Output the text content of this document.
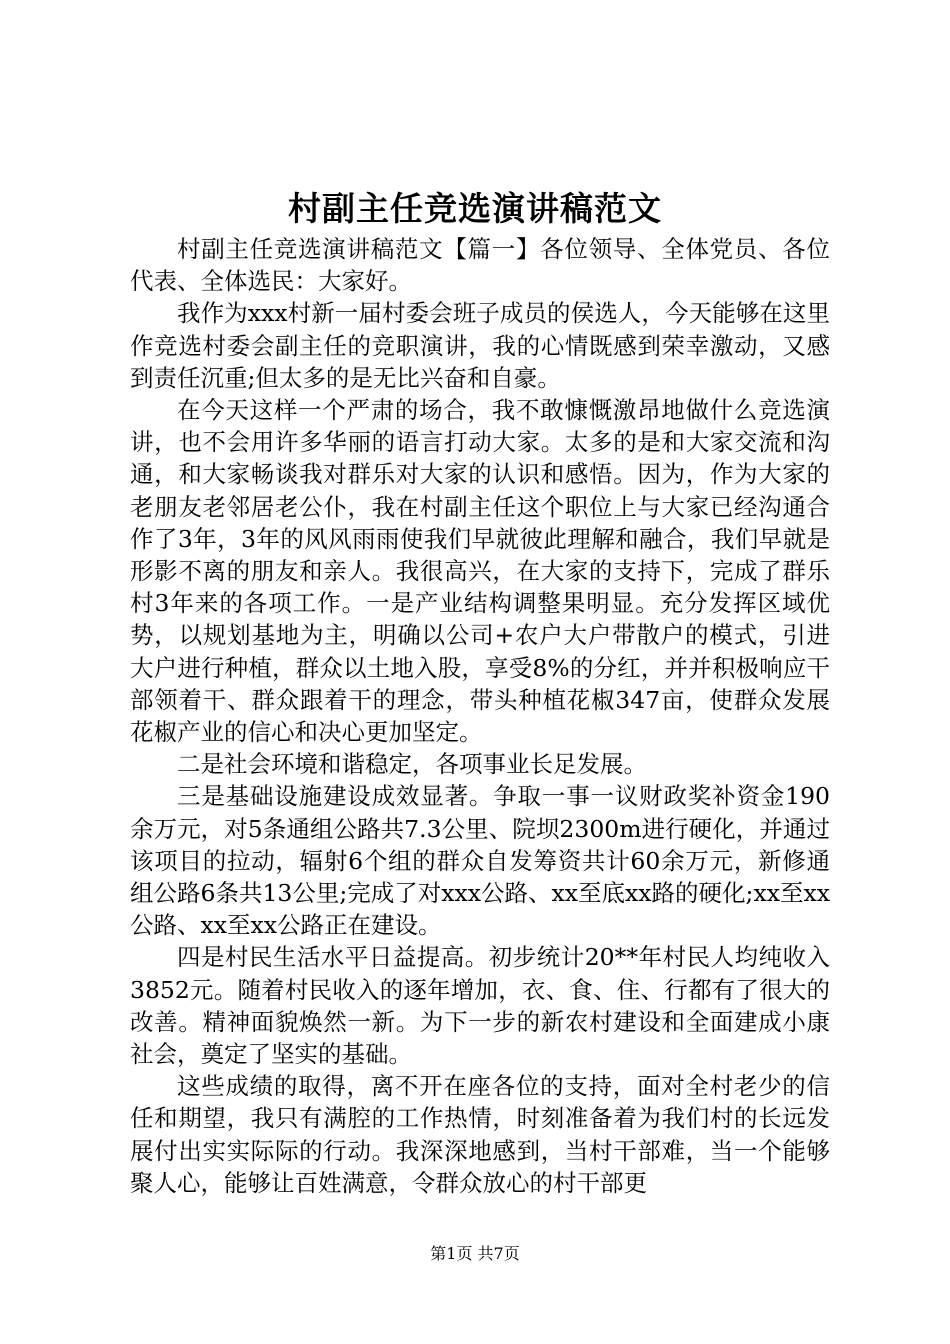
村副主任竞选演讲稿范文

村副主任竞选演讲稿范文【篇一】各位领导、全体党员、各位代表、全体选民：大家好。

我作为xxx村新一届村委会班子成员的侯选人，今天能够在这里作竞选村委会副主任的竞职演讲，我的心情既感到荣幸激动，又感到责任沉重;但太多的是无比兴奋和自豪。

在今天这样一个严肃的场合，我不敢慷慨激昂地做什么竞选演讲，也不会用许多华丽的语言打动大家。太多的是和大家交流和沟通，和大家畅谈我对群乐对大家的认识和感悟。因为，作为大家的老朋友老邻居老公仆，我在村副主任这个职位上与大家已经沟通合作了3年，3年的风风雨雨使我们早就彼此理解和融合，我们早就是形影不离的朋友和亲人。我很高兴，在大家的支持下，完成了群乐村3年来的各项工作。一是产业结构调整果明显。充分发挥区域优势，以规划基地为主，明确以公司+农户大户带散户的模式，引进大户进行种植，群众以土地入股，享受8%的分红，并并积极响应干部领着干、群众跟着干的理念，带头种植花椒347亩，使群众发展花椒产业的信心和决心更加坚定。

二是社会环境和谐稳定，各项事业长足发展。

三是基础设施建设成效显著。争取一事一议财政奖补资金190余万元，对5条通组公路共7.3公里、院坝2300m进行硬化，并通过该项目的拉动，辐射6个组的群众自发筹资共计60余万元，新修通组公路6条共13公里;完成了对xxx公路、xx至底xx路的硬化;xx至xx公路、xx至xx公路正在建设。

四是村民生活水平日益提高。初步统计20**年村民人均纯收入3852元。随着村民收入的逐年增加，衣、食、住、行都有了很大的改善。精神面貌焕然一新。为下一步的新农村建设和全面建成小康社会，奠定了坚实的基础。

这些成绩的取得，离不开在座各位的支持，面对全村老少的信任和期望，我只有满腔的工作热情，时刻准备着为我们村的长远发展付出实实际际的行动。我深深地感到，当村干部难，当一个能够聚人心，能够让百姓满意，令群众放心的村干部更

第1页 共7页
